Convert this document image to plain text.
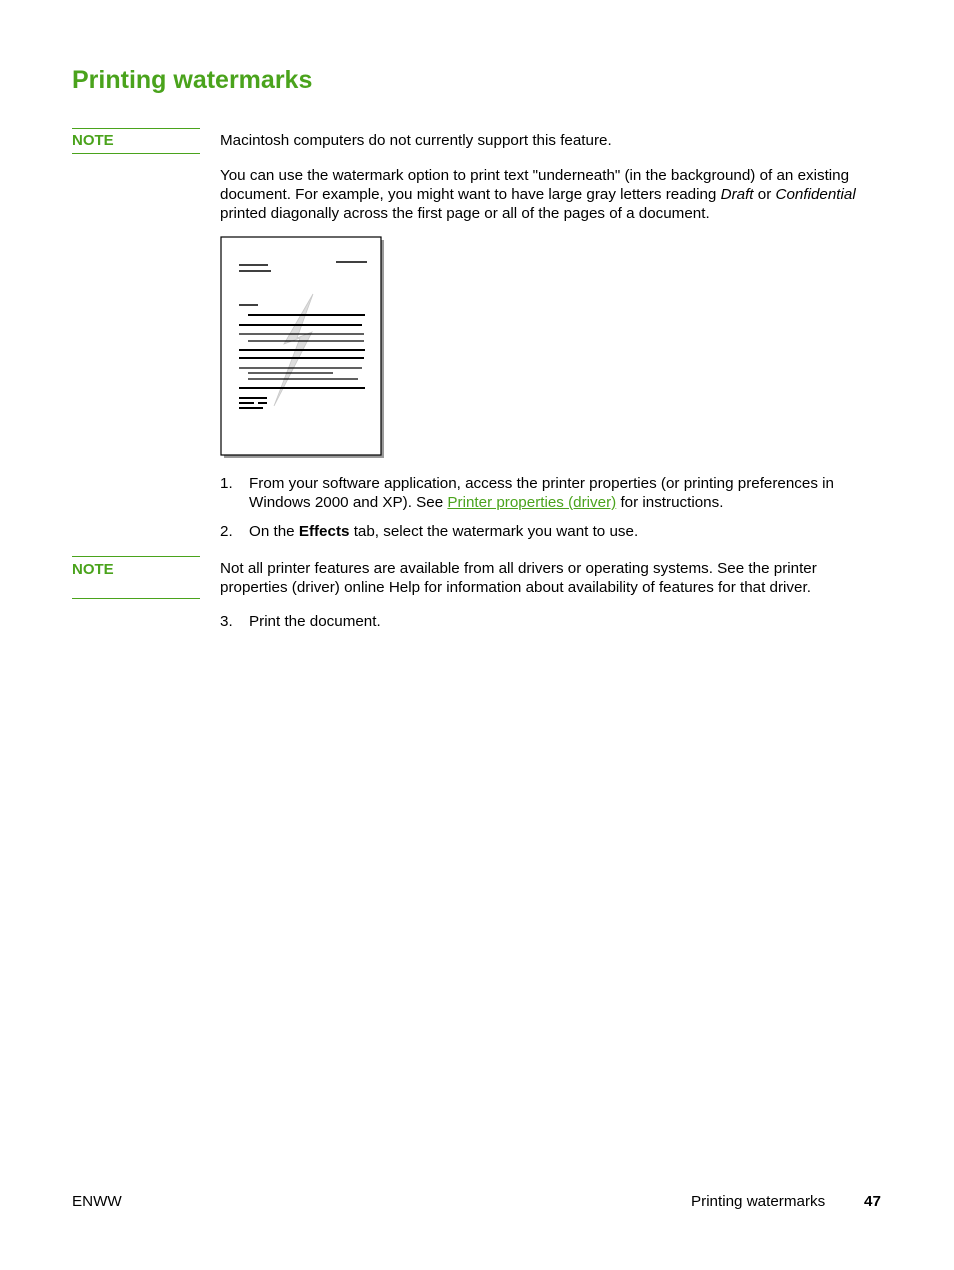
Printing watermarks
NOTE	Macintosh computers do not currently support this feature.

You can use the watermark option to print text "underneath" (in the background) of an existing document. For example, you might want to have large gray letters reading Draft or Confidential printed diagonally across the first page or all of the pages of a document.

1. From your software application, access the printer properties (or printing preferences in Windows 2000 and XP). See Printer properties (driver) for instructions.
2. On the Effects tab, select the watermark you want to use.
NOTE	Not all printer features are available from all drivers or operating systems. See the printer properties (driver) online Help for information about availability of features for that driver.

3. Print the document.
ENWW	Printing watermarks	47
